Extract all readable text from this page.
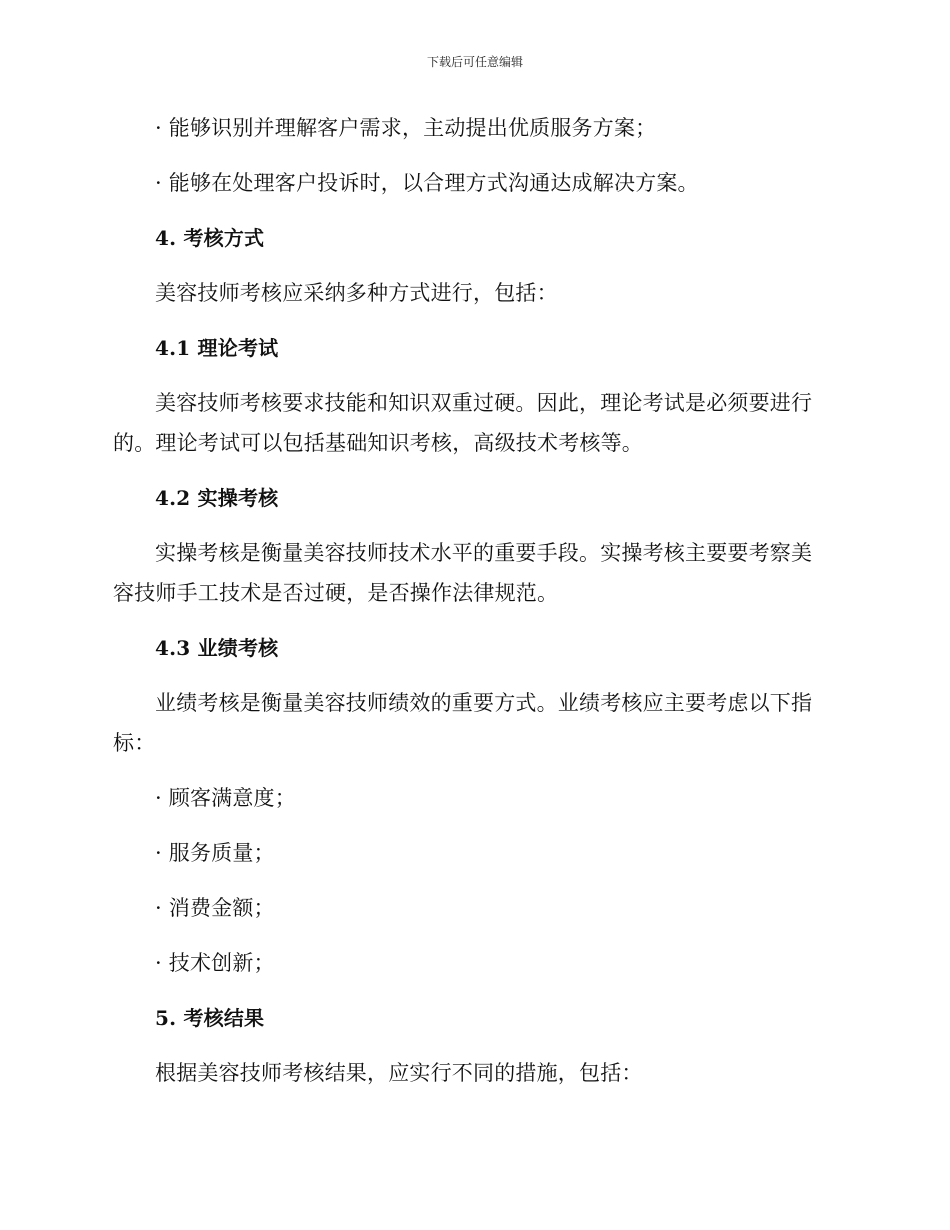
下载后可任意编辑
· 能够识别并理解客户需求，主动提出优质服务方案；
· 能够在处理客户投诉时，以合理方式沟通达成解决方案。
4. 考核方式
美容技师考核应采纳多种方式进行，包括：
4.1 理论考试
美容技师考核要求技能和知识双重过硬。因此，理论考试是必须要进行的。理论考试可以包括基础知识考核，高级技术考核等。
4.2 实操考核
实操考核是衡量美容技师技术水平的重要手段。实操考核主要要考察美容技师手工技术是否过硬，是否操作法律规范。
4.3 业绩考核
业绩考核是衡量美容技师绩效的重要方式。业绩考核应主要考虑以下指标：
· 顾客满意度；
· 服务质量；
· 消费金额；
· 技术创新；
5. 考核结果
根据美容技师考核结果，应实行不同的措施，包括：
